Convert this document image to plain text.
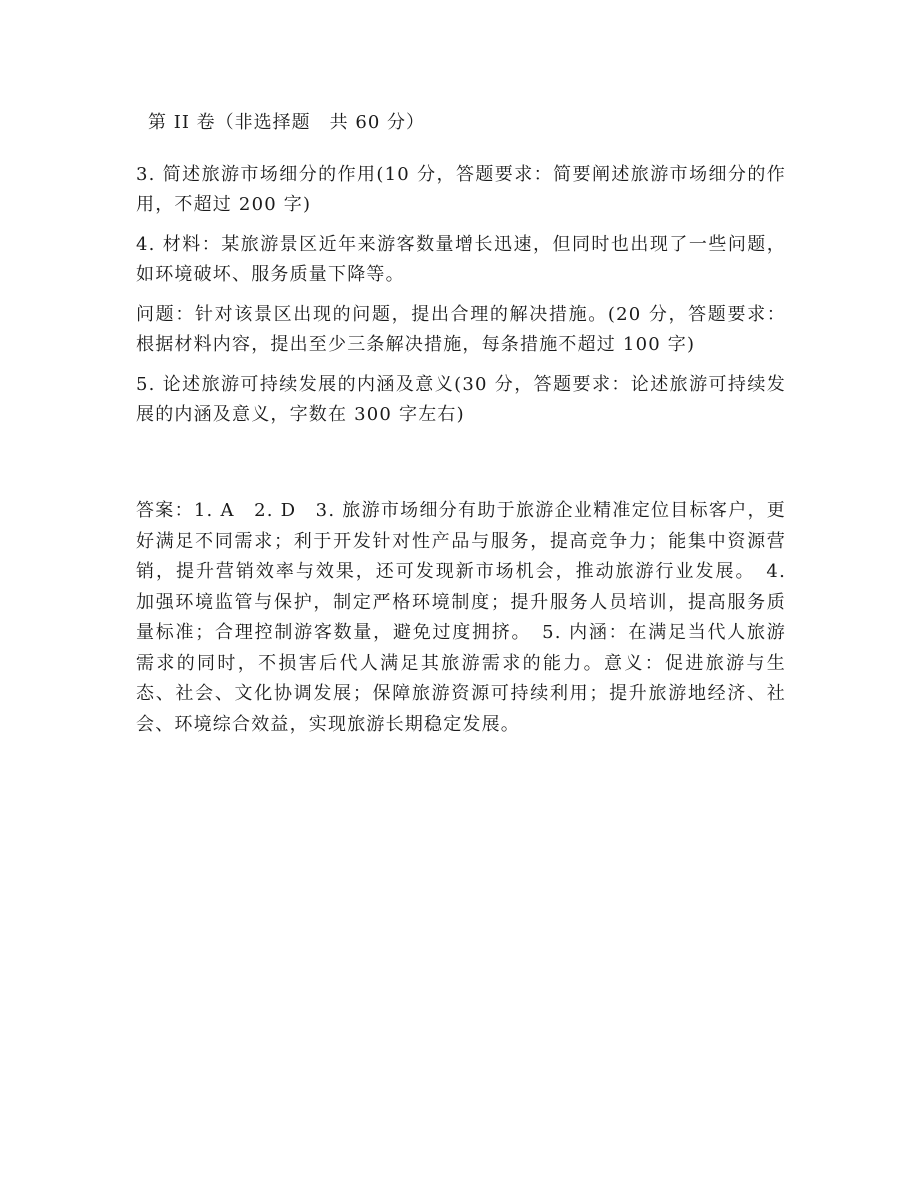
第 II 卷（非选择题　共 60 分）

3. 简述旅游市场细分的作用(10 分，答题要求：简要阐述旅游市场细分的作用，不超过 200 字)

4. 材料：某旅游景区近年来游客数量增长迅速，但同时也出现了一些问题，如环境破坏、服务质量下降等。

问题：针对该景区出现的问题，提出合理的解决措施。(20 分，答题要求：根据材料内容，提出至少三条解决措施，每条措施不超过 100 字)

5. 论述旅游可持续发展的内涵及意义(30 分，答题要求：论述旅游可持续发展的内涵及意义，字数在 300 字左右)

答案：1. A　2. D　3. 旅游市场细分有助于旅游企业精准定位目标客户，更好满足不同需求；利于开发针对性产品与服务，提高竞争力；能集中资源营销，提升营销效率与效果，还可发现新市场机会，推动旅游行业发展。　4. 加强环境监管与保护，制定严格环境制度；提升服务人员培训，提高服务质量标准；合理控制游客数量，避免过度拥挤。　5. 内涵：在满足当代人旅游需求的同时，不损害后代人满足其旅游需求的能力。意义：促进旅游与生态、社会、文化协调发展；保障旅游资源可持续利用；提升旅游地经济、社会、环境综合效益，实现旅游长期稳定发展。
